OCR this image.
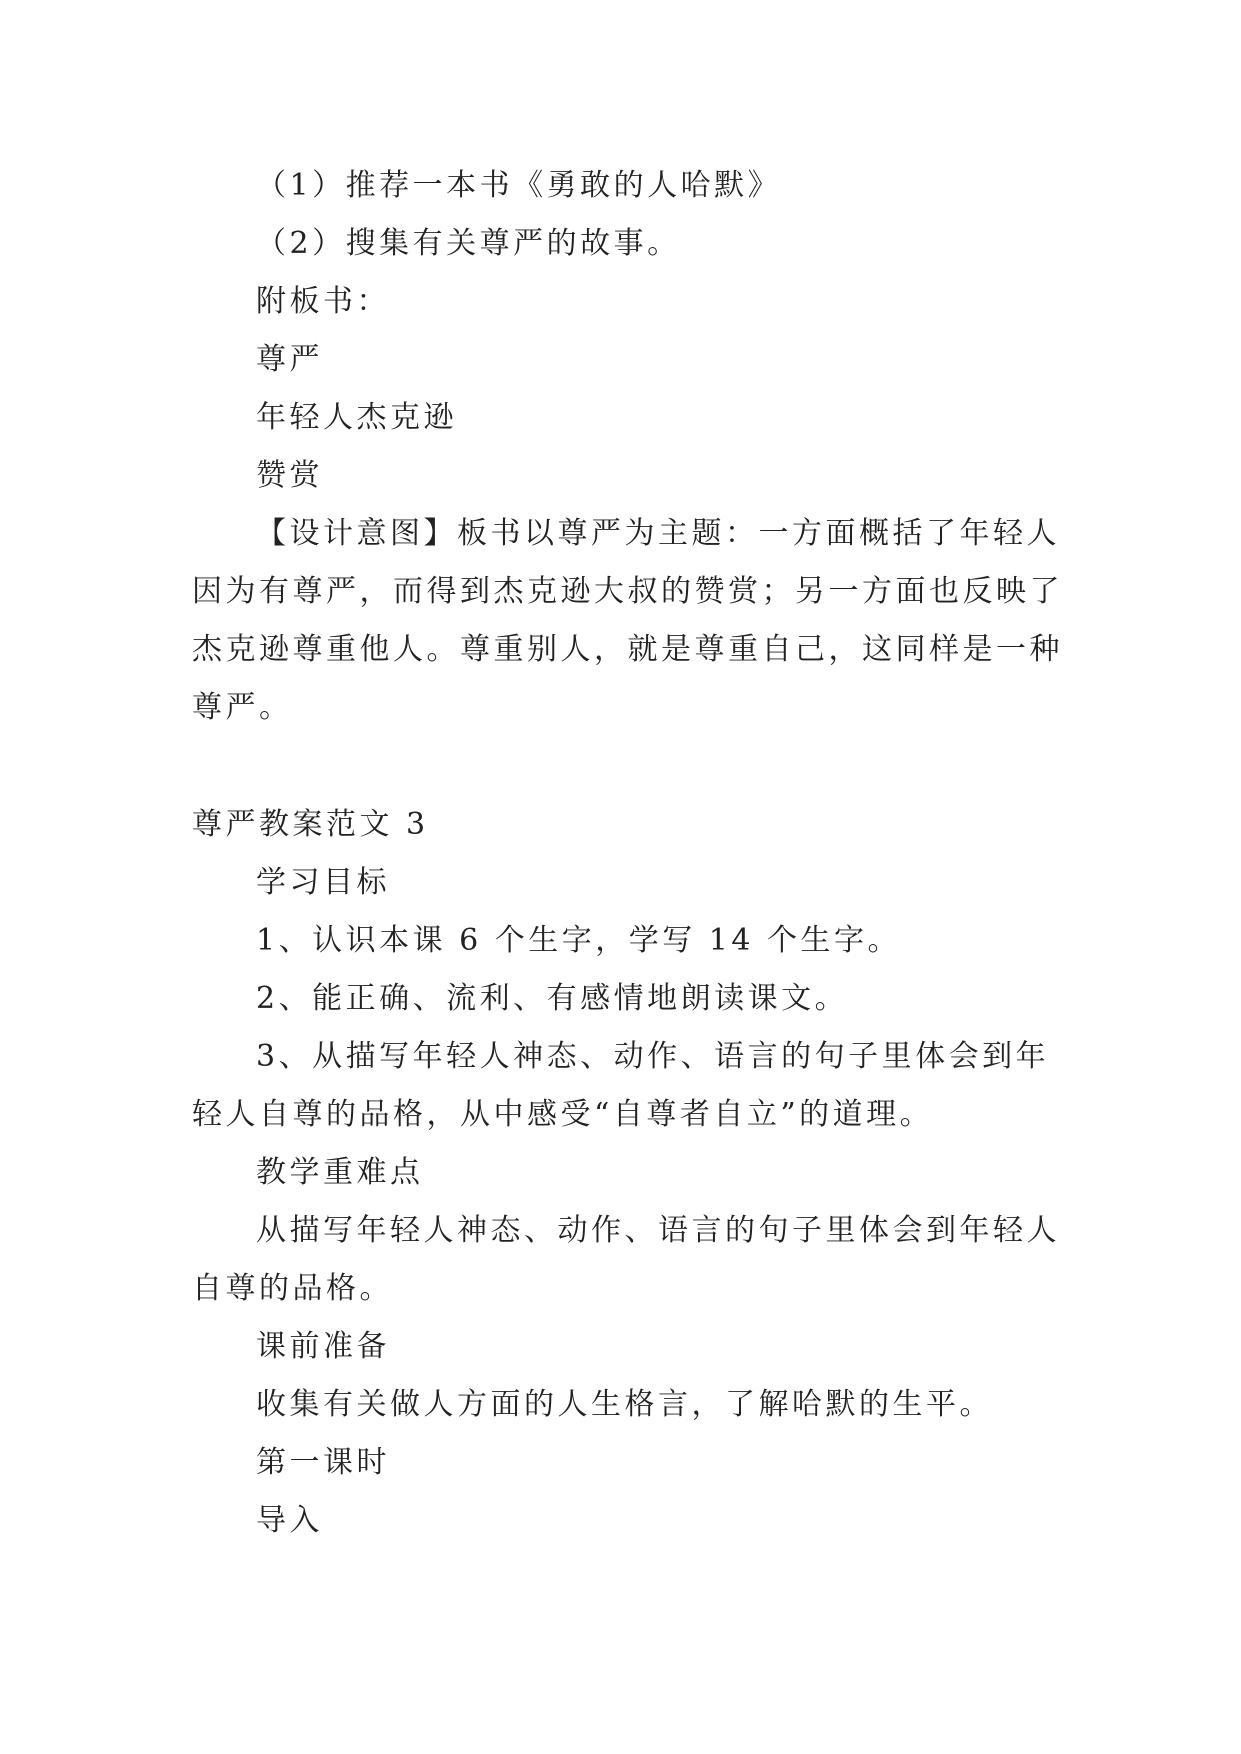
（1）推荐一本书《勇敢的人哈默》
（2）搜集有关尊严的故事。
附板书：
尊严
年轻人杰克逊
赞赏
【设计意图】板书以尊严为主题：一方面概括了年轻人
因为有尊严，而得到杰克逊大叔的赞赏；另一方面也反映了
杰克逊尊重他人。尊重别人，就是尊重自己，这同样是一种
尊严。
尊严教案范文 3
学习目标
1、认识本课 6 个生字，学写 14 个生字。
2、能正确、流利、有感情地朗读课文。
3、从描写年轻人神态、动作、语言的句子里体会到年
轻人自尊的品格，从中感受“自尊者自立”的道理。
教学重难点
从描写年轻人神态、动作、语言的句子里体会到年轻人
自尊的品格。
课前准备
收集有关做人方面的人生格言，了解哈默的生平。
第一课时
导入
